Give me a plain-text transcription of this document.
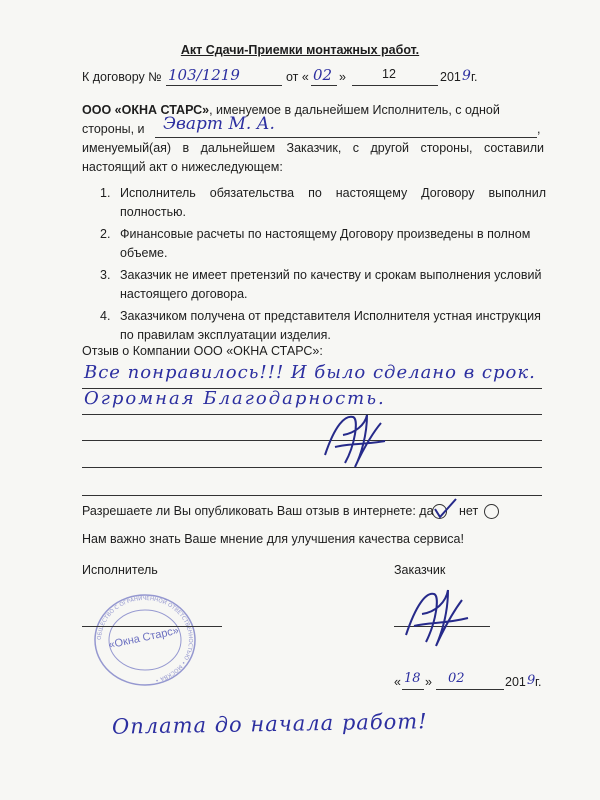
Акт Сдачи-Приемки монтажных работ.
К договору № 103/1219	от « 02 »	12	201 9 г.
ООО «ОКНА СТАРС», именуемое в дальнейшем Исполнитель, с одной
стороны, и Эварт М. А.	,
именуемый(ая) в дальнейшем Заказчик, с другой стороны, составили
настоящий акт о нижеследующем:
1. Исполнитель обязательства по настоящему Договору выполнил полностью.
2. Финансовые расчеты по настоящему Договору произведены в полном объеме.
3. Заказчик не имеет претензий по качеству и срокам выполнения условий настоящего договора.
4. Заказчиком получена от представителя Исполнителя устная инструкция по правилам эксплуатации изделия.
Отзыв о Компании ООО «ОКНА СТАРС»:
Все понравилось!!! И было сделано в срок.
Огромная Благодарность.
Разрешаете ли Вы опубликовать Ваш отзыв в интернете: да нет
Нам важно знать Ваше мнение для улучшения качества сервиса!
Исполнитель	Заказчик
ОБЩЕСТВО С ОГРАНИЧЕННОЙ ОТВЕТСТВЕННОСТЬЮ • МОСКВА •
«Окна Старс»
« 18 » 02	201 9 г.
Оплата до начала работ!
